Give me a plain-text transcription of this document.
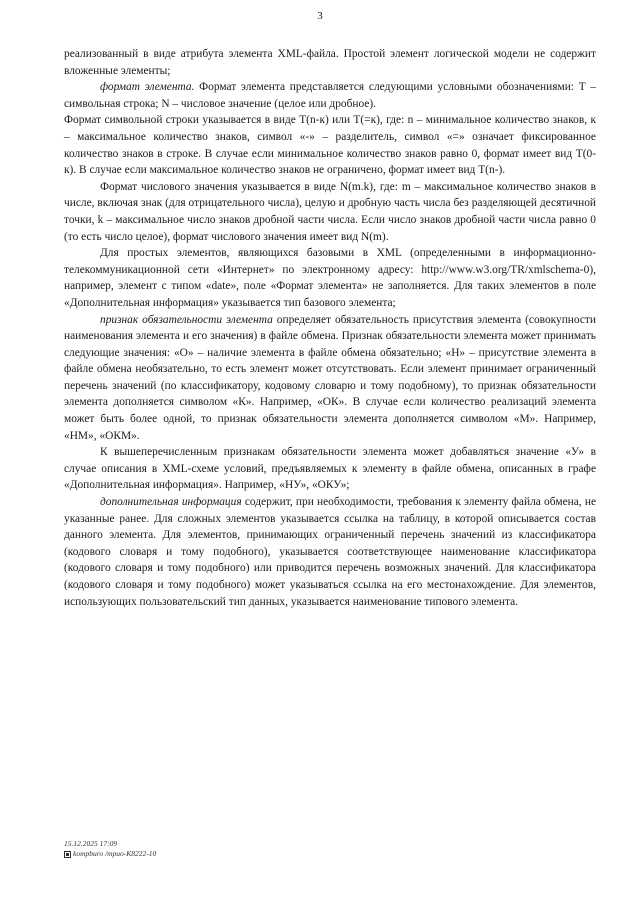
3

реализованный в виде атрибута элемента XML-файла. Простой элемент логической модели не содержит вложенные элементы;

формат элемента. Формат элемента представляется следующими условными обозначениями: T – символьная строка; N – числовое значение (целое или дробное).

Формат символьной строки указывается в виде T(n-к) или T(=к), где: n – минимальное количество знаков, к – максимальное количество знаков, символ «-» – разделитель, символ «=» означает фиксированное количество знаков в строке. В случае если минимальное количество знаков равно 0, формат имеет вид T(0-к). В случае если максимальное количество знаков не ограничено, формат имеет вид T(n-).

Формат числового значения указывается в виде N(m.k), где: m – максимальное количество знаков в числе, включая знак (для отрицательного числа), целую и дробную часть числа без разделяющей десятичной точки, k – максимальное число знаков дробной части числа. Если число знаков дробной части числа равно 0 (то есть число целое), формат числового значения имеет вид N(m).

Для простых элементов, являющихся базовыми в XML (определенными в информационно-телекоммуникационной сети «Интернет» по электронному адресу: http://www.w3.org/TR/xmlschema-0), например, элемент с типом «date», поле «Формат элемента» не заполняется. Для таких элементов в поле «Дополнительная информация» указывается тип базового элемента;

признак обязательности элемента определяет обязательность присутствия элемента (совокупности наименования элемента и его значения) в файле обмена. Признак обязательности элемента может принимать следующие значения: «О» – наличие элемента в файле обмена обязательно; «Н» – присутствие элемента в файле обмена необязательно, то есть элемент может отсутствовать. Если элемент принимает ограниченный перечень значений (по классификатору, кодовому словарю и тому подобному), то признак обязательности элемента дополняется символом «К». Например, «ОК». В случае если количество реализаций элемента может быть более одной, то признак обязательности элемента дополняется символом «М». Например, «НМ», «ОКМ».

К вышеперечисленным признакам обязательности элемента может добавляться значение «У» в случае описания в XML-схеме условий, предъявляемых к элементу в файле обмена, описанных в графе «Дополнительная информация». Например, «НУ», «ОКУ»;

дополнительная информация содержит, при необходимости, требования к элементу файла обмена, не указанные ранее. Для сложных элементов указывается ссылка на таблицу, в которой описывается состав данного элемента. Для элементов, принимающих ограниченный перечень значений из классификатора (кодового словаря и тому подобного), указывается соответствующее наименование классификатора (кодового словаря и тому подобного) или приводится перечень возможных значений. Для классификатора (кодового словаря и тому подобного) может указываться ссылка на его местонахождение. Для элементов, использующих пользовательский тип данных, указывается наименование типового элемента.

15.12.2025 17:09
kompburo /mpuo-K8222-10
